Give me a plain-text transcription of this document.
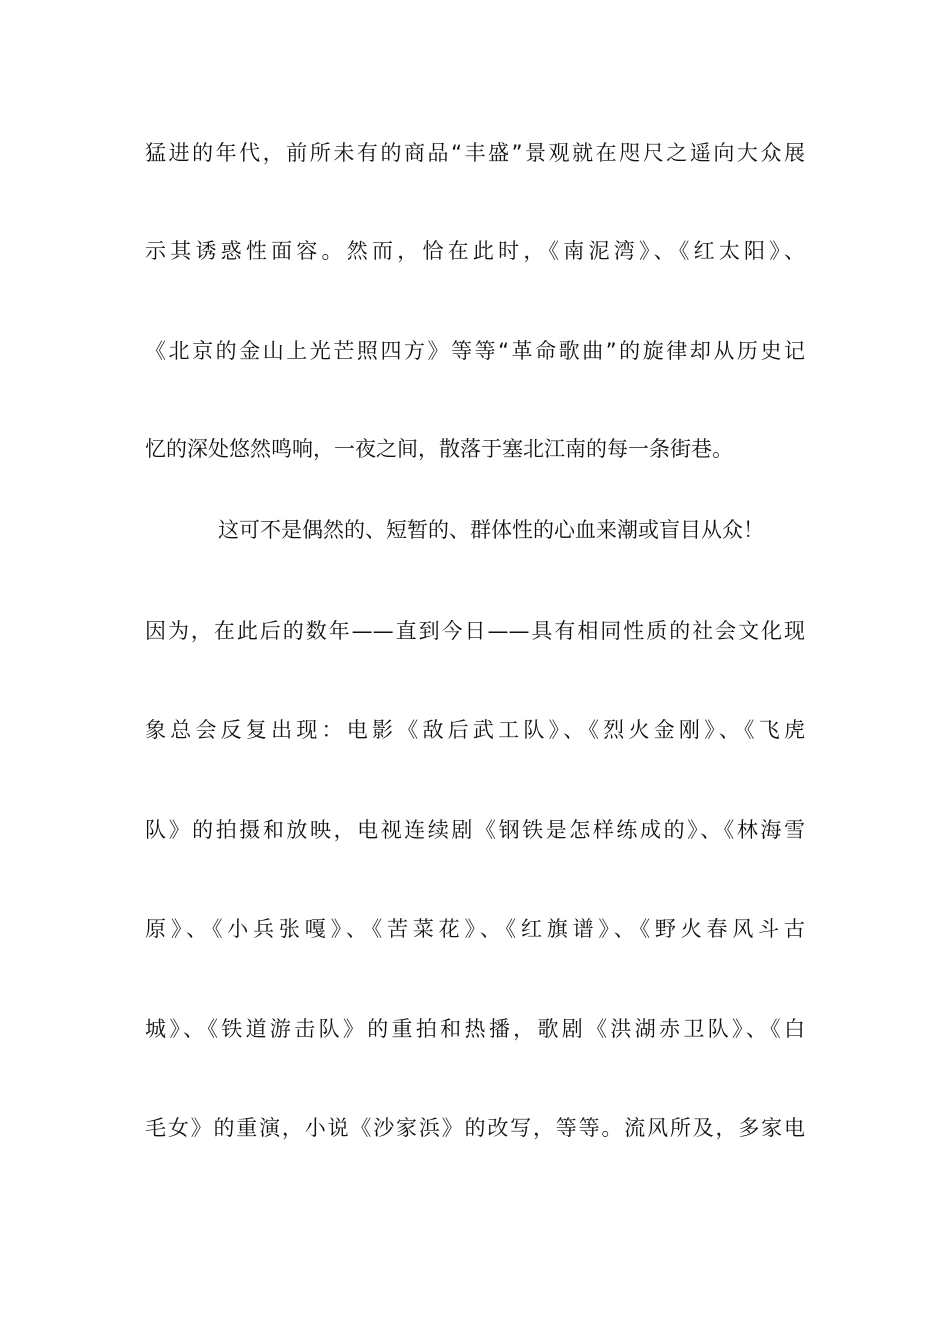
猛进的年代，前所未有的商品“丰盛”景观就在咫尺之遥向大众展
示其诱惑性面容。然而，恰在此时，《南泥湾》、《红太阳》、
《北京的金山上光芒照四方》等等“革命歌曲”的旋律却从历史记
忆的深处悠然鸣响，一夜之间，散落于塞北江南的每一条街巷。
这可不是偶然的、短暂的、群体性的心血来潮或盲目从众！
因为，在此后的数年——直到今日——具有相同性质的社会文化现
象总会反复出现：电影《敌后武工队》、《烈火金刚》、《飞虎
队》的拍摄和放映，电视连续剧《钢铁是怎样练成的》、《林海雪
原》、《小兵张嘎》、《苦菜花》、《红旗谱》、《野火春风斗古
城》、《铁道游击队》的重拍和热播，歌剧《洪湖赤卫队》、《白
毛女》的重演，小说《沙家浜》的改写，等等。流风所及，多家电
